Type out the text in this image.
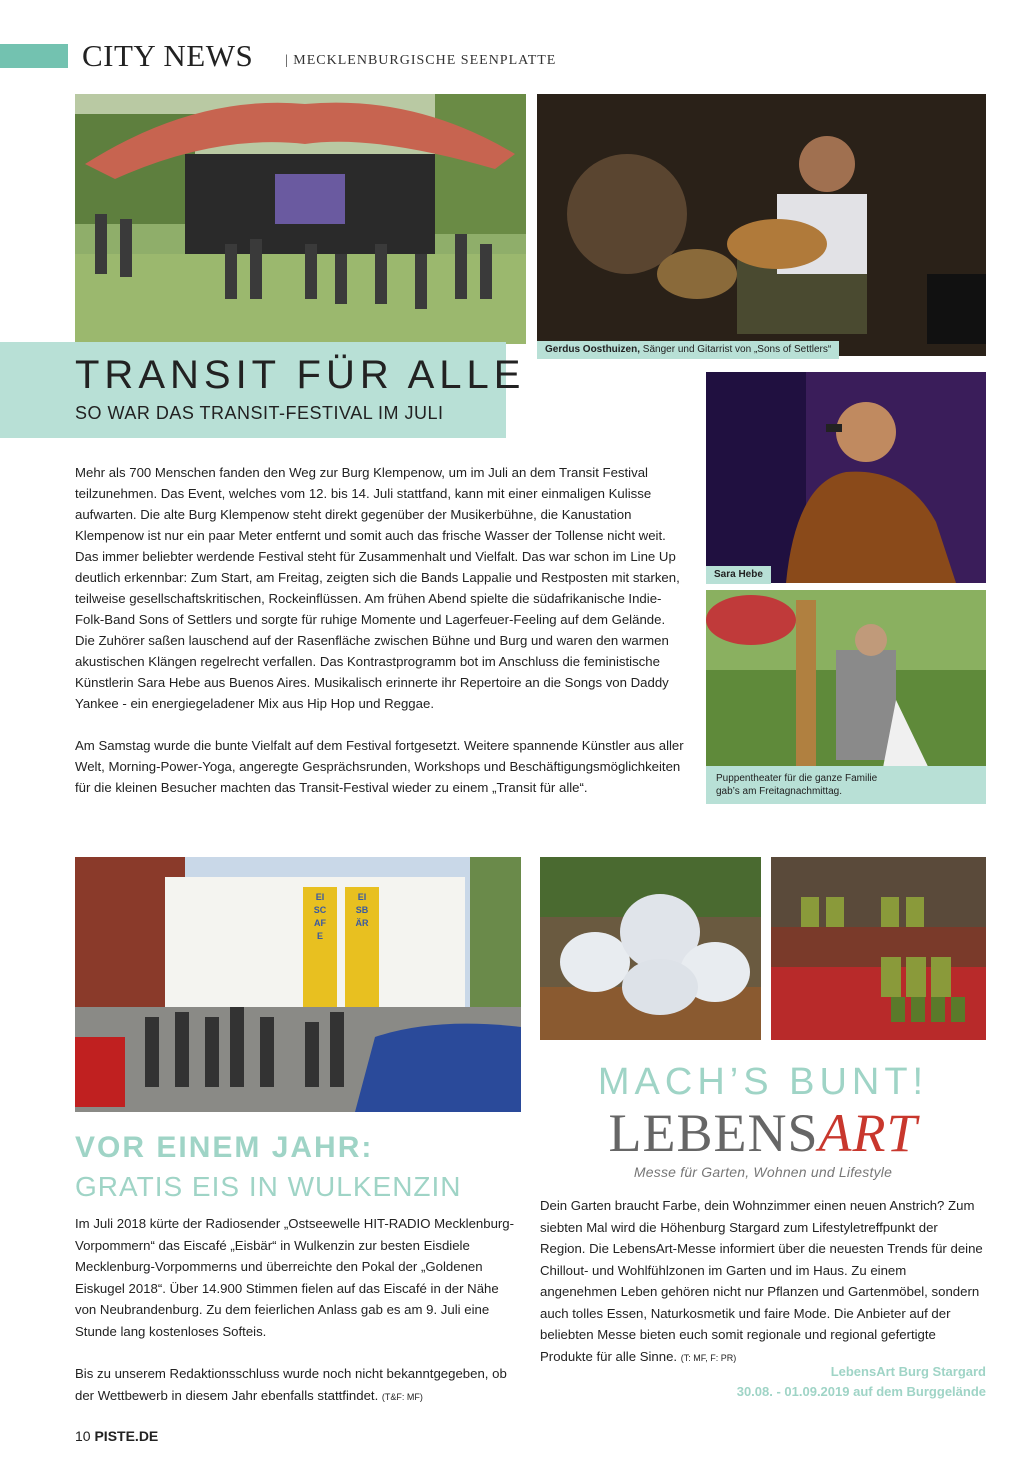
CITY NEWS | MECKLENBURGISCHE SEENPLATTE
Gerdus Oosthuizen, Sänger und Gitarrist von „Sons of Settlers“
TRANSIT FÜR ALLE
SO WAR DAS TRANSIT-FESTIVAL IM JULI
Sara Hebe
Puppentheater für die ganze Familie
gab’s am Freitagnachmittag.

Mehr als 700 Menschen fanden den Weg zur Burg Klempenow, um im Juli an dem Transit Festival teilzunehmen. Das Event, welches vom 12. bis 14. Juli stattfand, kann mit einer einmaligen Kulisse aufwarten. Die alte Burg Klempenow steht direkt gegenüber der Musikerbühne, die Kanustation Klempenow ist nur ein paar Meter entfernt und somit auch das frische Wasser der Tollense nicht weit. Das immer beliebter werdende Festival steht für Zusammenhalt und Vielfalt. Das war schon im Line Up deutlich erkennbar: Zum Start, am Freitag, zeigten sich die Bands Lappalie und Restposten mit starken, teilweise gesellschaftskritischen, Rockeinflüssen. Am frühen Abend spielte die südafrikanische Indie-Folk-Band Sons of Settlers und sorgte für ruhige Momente und Lagerfeuer-Feeling auf dem Gelände. Die Zuhörer saßen lauschend auf der Rasenfläche zwischen Bühne und Burg und waren den warmen akustischen Klängen regelrecht verfallen. Das Kontrastprogramm bot im Anschluss die feministische Künstlerin Sara Hebe aus Buenos Aires. Musikalisch erinnerte ihr Repertoire an die Songs von Daddy Yankee - ein energiegeladener Mix aus Hip Hop und Reggae.

Am Samstag wurde die bunte Vielfalt auf dem Festival fortgesetzt. Weitere spannende Künstler aus aller Welt, Morning-Power-Yoga, angeregte Gesprächsrunden, Workshops und Beschäftigungsmöglichkeiten für die kleinen Besucher machten das Transit-Festival wieder zu einem „Transit für alle“.

EISCAFE
EISBÄR
VOR EINEM JAHR:
GRATIS EIS IN WULKENZIN

Im Juli 2018 kürte der Radiosender „Ostseewelle HIT-RADIO Mecklenburg-Vorpommern“ das Eiscafé „Eisbär“ in Wulkenzin zur besten Eisdiele Mecklenburg-Vorpommerns und überreichte den Pokal der „Goldenen Eiskugel 2018“. Über 14.900 Stimmen fielen auf das Eiscafé in der Nähe von Neubrandenburg. Zu dem feierlichen Anlass gab es am 9. Juli eine Stunde lang kostenloses Softeis.

Bis zu unserem Redaktionsschluss wurde noch nicht bekanntgegeben, ob der Wettbewerb in diesem Jahr ebenfalls stattfindet. (T&F: MF)

MACH’S BUNT!
LEBENSART
Messe für Garten, Wohnen und Lifestyle
Dein Garten braucht Farbe, dein Wohnzimmer einen neuen Anstrich? Zum siebten Mal wird die Höhenburg Stargard zum Lifestyletreffpunkt der Region. Die LebensArt-Messe informiert über die neuesten Trends für deine Chillout- und Wohlfühlzonen im Garten und im Haus. Zu einem angenehmen Leben gehören nicht nur Pflanzen und Gartenmöbel, sondern auch tolles Essen, Naturkosmetik und faire Mode. Die Anbieter auf der beliebten Messe bieten euch somit regionale und regional gefertigte Produkte für alle Sinne. (T: MF, F: PR)
LebensArt Burg Stargard
30.08. - 01.09.2019 auf dem Burggelände
10 PISTE.DE
